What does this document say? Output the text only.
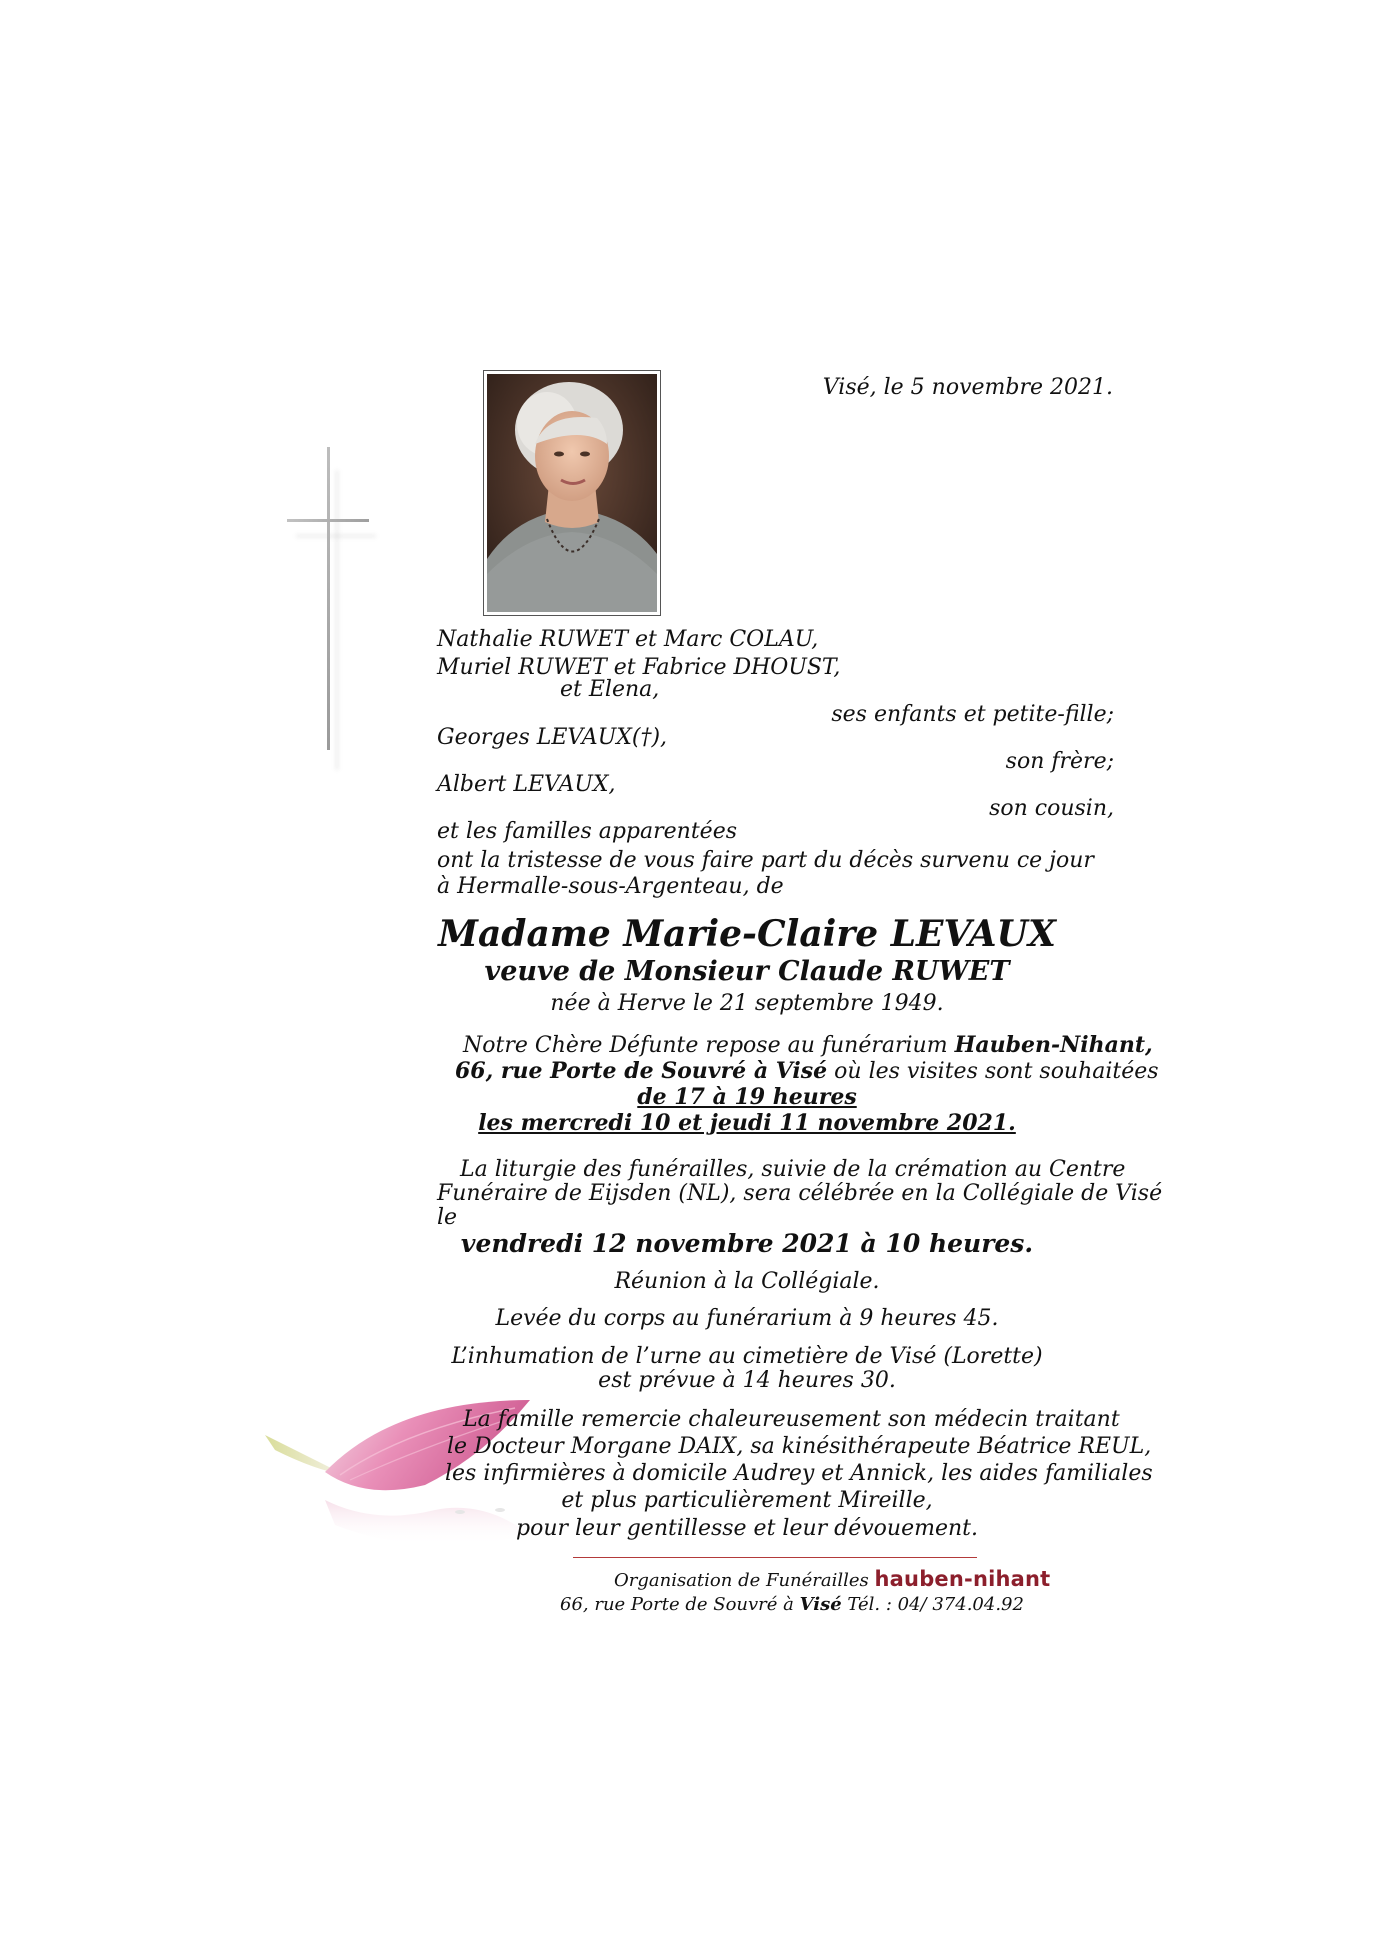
Visé, le 5 novembre 2021.
Nathalie RUWET et Marc COLAU,
Muriel RUWET et Fabrice DHOUST,
et Elena,
ses enfants et petite-fille;
Georges LEVAUX(†),
son frère;
Albert LEVAUX,
son cousin,
et les familles apparentées
ont la tristesse de vous faire part du décès survenu ce jour
à Hermalle-sous-Argenteau, de
Madame Marie-Claire LEVAUX
veuve de Monsieur Claude RUWET
née à Herve le 21 septembre 1949.
Notre Chère Défunte repose au funérarium Hauben-Nihant,
66, rue Porte de Souvré à Visé où les visites sont souhaitées
de 17 à 19 heures
les mercredi 10 et jeudi 11 novembre 2021.
La liturgie des funérailles, suivie de la crémation au Centre
Funéraire de Eijsden (NL), sera célébrée en la Collégiale de Visé
le
vendredi 12 novembre 2021 à 10 heures.
Réunion à la Collégiale.
Levée du corps au funérarium à 9 heures 45.
L’inhumation de l’urne au cimetière de Visé (Lorette)
est prévue à 14 heures 30.
La famille remercie chaleureusement son médecin traitant
le Docteur Morgane DAIX, sa kinésithérapeute Béatrice REUL,
les infirmières à domicile Audrey et Annick, les aides familiales
et plus particulièrement Mireille,
pour leur gentillesse et leur dévouement.
Organisation de Funérailles hauben-nihant
66, rue Porte de Souvré à Visé Tél. : 04/ 374.04.92
